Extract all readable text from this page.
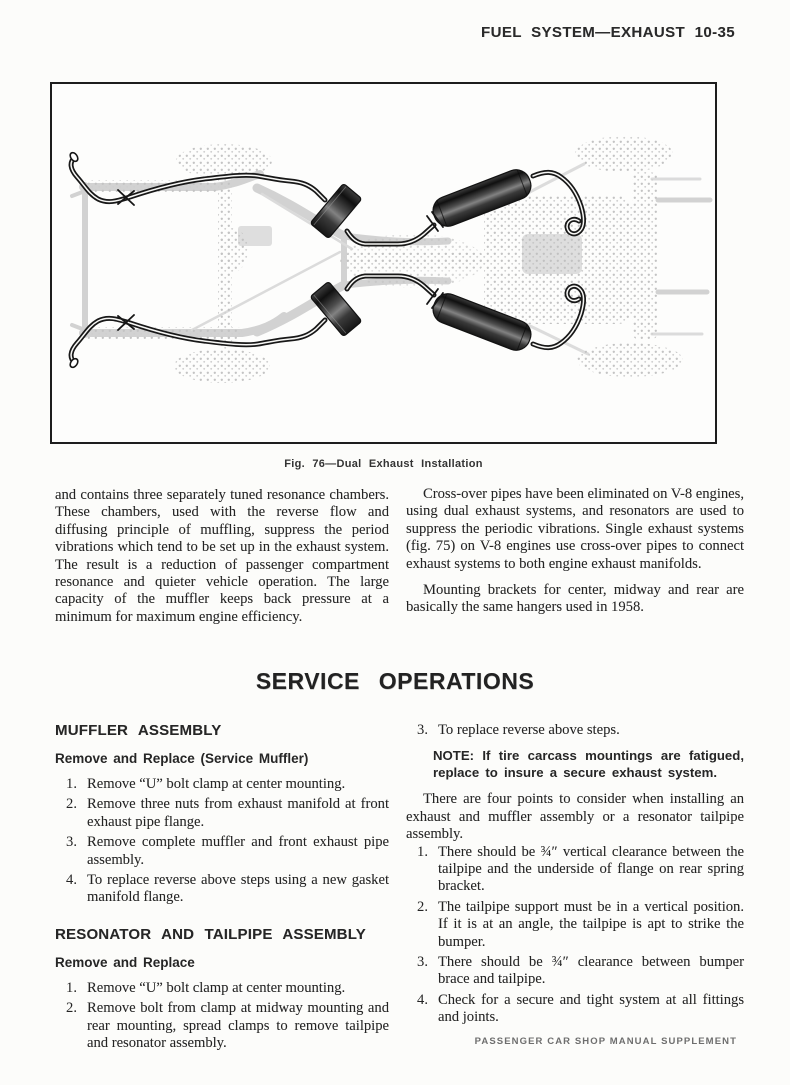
FUEL SYSTEM—EXHAUST 10-35
Fig. 76—Dual Exhaust Installation

and contains three separately tuned resonance chambers. These chambers, used with the reverse flow and diffusing principle of muffling, suppress the period vibrations which tend to be set up in the exhaust system. The result is a reduction of passenger compartment resonance and quieter vehicle operation. The large capacity of the muffler keeps back pressure at a minimum for maximum engine efficiency.

Cross-over pipes have been eliminated on V-8 engines, using dual exhaust systems, and resonators are used to suppress the periodic vibrations. Single exhaust systems (fig. 75) on V-8 engines use cross-over pipes to connect exhaust systems to both engine exhaust manifolds.

Mounting brackets for center, midway and rear are basically the same hangers used in 1958.

SERVICE OPERATIONS
MUFFLER ASSEMBLY
Remove and Replace (Service Muffler)
1. Remove “U” bolt clamp at center mounting.
2. Remove three nuts from exhaust manifold at front exhaust pipe flange.
3. Remove complete muffler and front exhaust pipe assembly.
4. To replace reverse above steps using a new gasket manifold flange.
RESONATOR AND TAILPIPE ASSEMBLY
Remove and Replace
1. Remove “U” bolt clamp at center mounting.
2. Remove bolt from clamp at midway mounting and rear mounting, spread clamps to remove tailpipe and resonator assembly.
3. To replace reverse above steps.

NOTE: If tire carcass mountings are fatigued, replace to insure a secure exhaust system.

There are four points to consider when installing an exhaust and muffler assembly or a resonator tailpipe assembly.

1. There should be ¾″ vertical clearance between the tailpipe and the underside of flange on rear spring bracket.
2. The tailpipe support must be in a vertical position. If it is at an angle, the tailpipe is apt to strike the bumper.
3. There should be ¾″ clearance between bumper brace and tailpipe.
4. Check for a secure and tight system at all fittings and joints.
PASSENGER CAR SHOP MANUAL SUPPLEMENT
